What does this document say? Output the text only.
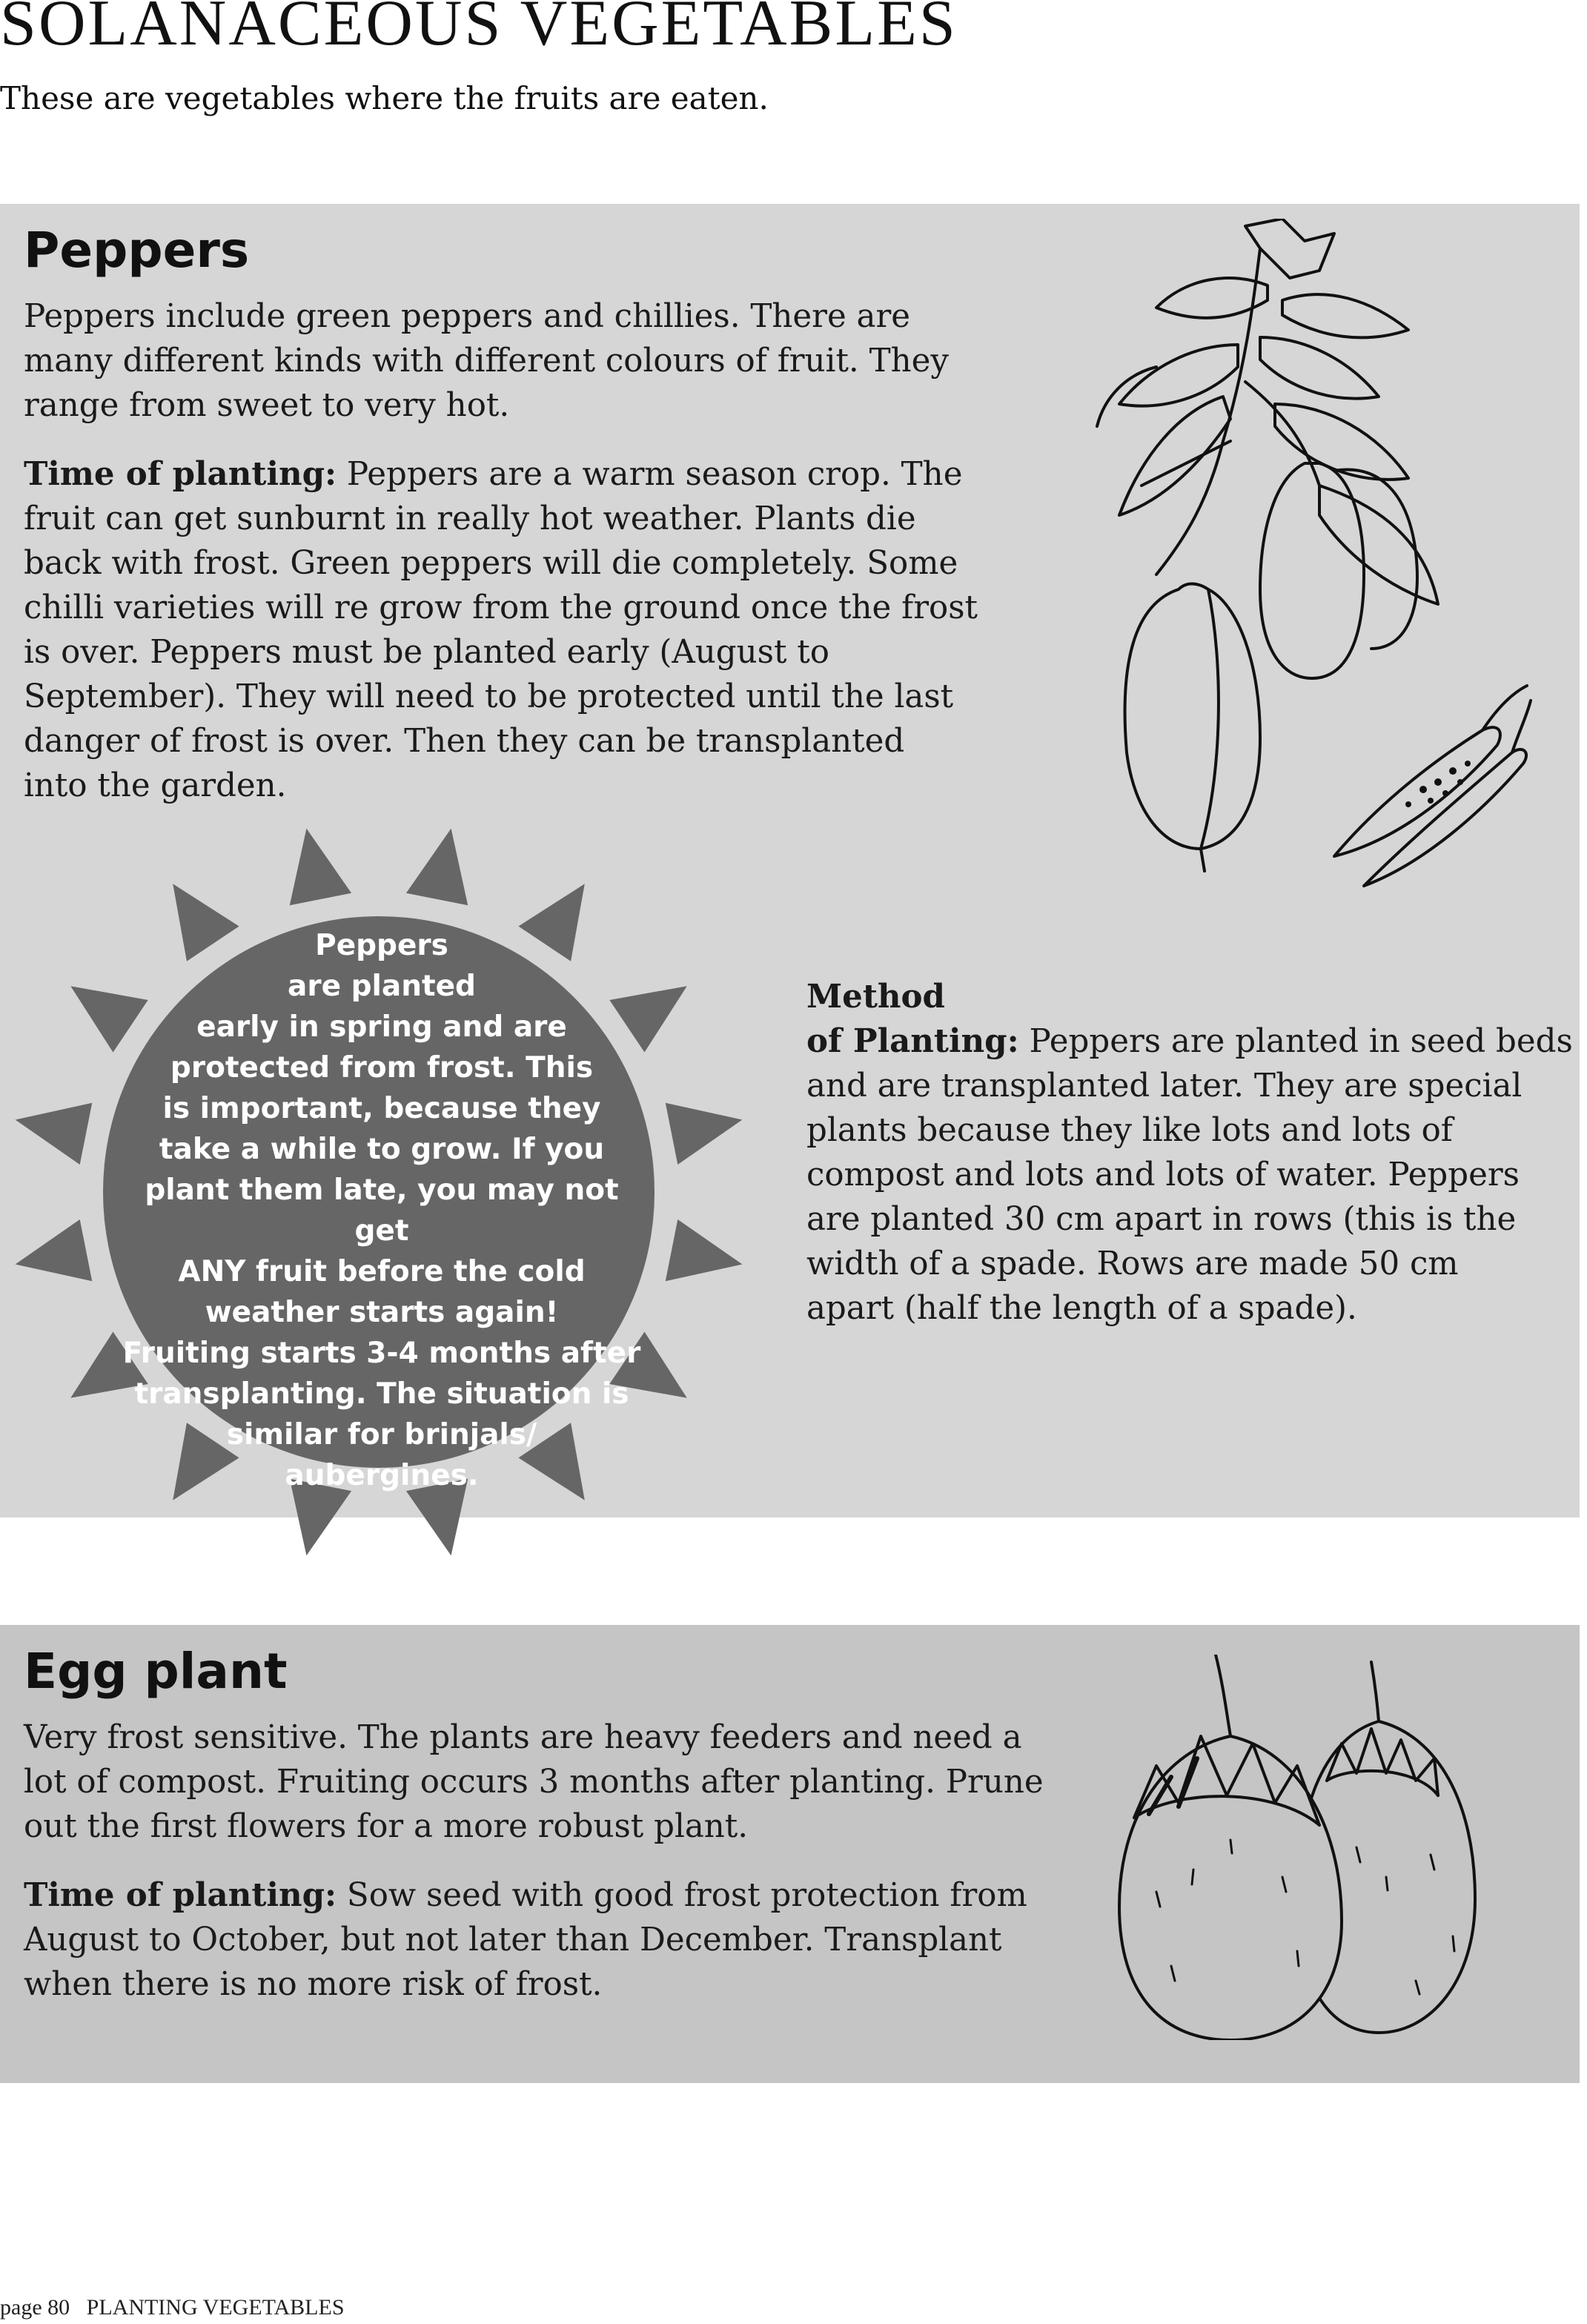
SOLANACEOUS VEGETABLES

These are vegetables where the fruits are eaten.

Peppers

Peppers include green peppers and chillies. There are
many different kinds with different colours of fruit. They
range from sweet to very hot.

Time of planting: Peppers are a warm season crop. The
fruit can get sunburnt in really hot weather. Plants die
back with frost. Green peppers will die completely. Some
chilli varieties will re grow from the ground once the frost
is over. Peppers must be planted early (August to
September). They will need to be protected until the last
danger of frost is over. Then they can be transplanted
into the garden.

Method
of Planting: Peppers are planted in seed beds
and are transplanted later. They are special
plants because they like lots and lots of
compost and lots and lots of water. Peppers
are planted 30 cm apart in rows (this is the
width of a spade. Rows are made 50 cm
apart (half the length of a spade).

Peppers
are planted
early in spring and are
protected from frost. This
is important, because they
take a while to grow. If you
plant them late, you may not get
ANY fruit before the cold
weather starts again!
Fruiting starts 3-4 months after
transplanting. The situation is
similar for brinjals/
aubergines.

Egg plant

Very frost sensitive. The plants are heavy feeders and need a
lot of compost. Fruiting occurs 3 months after planting. Prune
out the first flowers for a more robust plant.

Time of planting: Sow seed with good frost protection from
August to October, but not later than December. Transplant
when there is no more risk of frost.

page 80 PLANTING VEGETABLES
